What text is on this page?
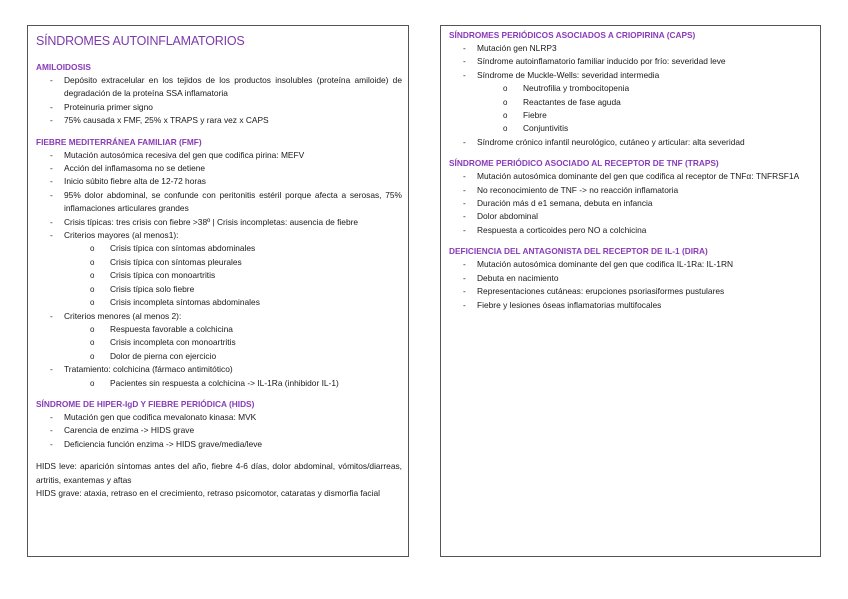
SÍNDROMES AUTOINFLAMATORIOS
AMILOIDOSIS
- Depósito extracelular en los tejidos de los productos insolubles (proteína amiloide) de degradación de la proteína SSA inflamatoria
- Proteinuria primer signo
- 75% causada x FMF, 25% x TRAPS y rara vez x CAPS
FIEBRE MEDITERRÁNEA FAMILIAR (FMF)
- Mutación autosómica recesiva del gen que codifica pirina: MEFV
- Acción del inflamasoma no se detiene
- Inicio súbito fiebre alta de 12-72 horas
- 95% dolor abdominal, se confunde con peritonitis estéril porque afecta a serosas, 75% inflamaciones articulares grandes
- Crisis típicas: tres crisis con fiebre >38º | Crisis incompletas: ausencia de fiebre
- Criterios mayores (al menos1):
o Crisis típica con síntomas abdominales
o Crisis típica con síntomas pleurales
o Crisis típica con monoartritis
o Crisis típica solo fiebre
o Crisis incompleta síntomas abdominales
- Criterios menores (al menos 2):
o Respuesta favorable a colchicina
o Crisis incompleta con monoartritis
o Dolor de pierna con ejercicio
- Tratamiento: colchicina (fármaco antimitótico)
o Pacientes sin respuesta a colchicina -> IL-1Ra (inhibidor IL-1)
SÍNDROME DE HIPER-IgD Y FIEBRE PERIÓDICA (HIDS)
- Mutación gen que codifica mevalonato kinasa: MVK
- Carencia de enzima -> HIDS grave
- Deficiencia función enzima -> HIDS grave/media/leve

HIDS leve: aparición síntomas antes del año, fiebre 4-6 días, dolor abdominal, vómitos/diarreas, artritis, exantemas y aftas

HIDS grave: ataxia, retraso en el crecimiento, retraso psicomotor, cataratas y dismorfia facial

SÍNDROMES PERIÓDICOS ASOCIADOS A CRIOPIRINA (CAPS)
- Mutación gen NLRP3
- Síndrome autoinflamatorio familiar inducido por frío: severidad leve
- Síndrome de Muckle-Wells: severidad intermedia
o Neutrofilia y trombocitopenia
o Reactantes de fase aguda
o Fiebre
o Conjuntivitis
- Síndrome crónico infantil neurológico, cutáneo y articular: alta severidad
SÍNDROME PERIÓDICO ASOCIADO AL RECEPTOR DE TNF (TRAPS)
- Mutación autosómica dominante del gen que codifica al receptor de TNFα: TNFRSF1A
- No reconocimiento de TNF -> no reacción inflamatoria
- Duración más d e1 semana, debuta en infancia
- Dolor abdominal
- Respuesta a corticoides pero NO a colchicina
DEFICIENCIA DEL ANTAGONISTA DEL RECEPTOR DE IL-1 (DIRA)
- Mutación autosómica dominante del gen que codifica IL-1Ra: IL-1RN
- Debuta en nacimiento
- Representaciones cutáneas: erupciones psoriasiformes pustulares
- Fiebre y lesiones óseas inflamatorias multifocales
